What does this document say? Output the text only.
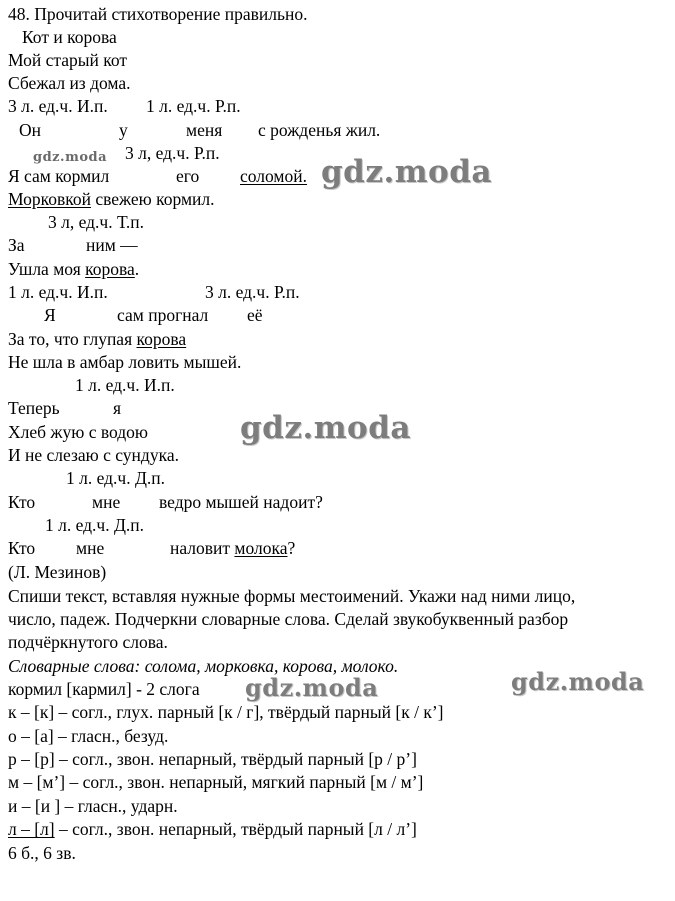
48. Прочитай стихотворение правильно.
Кот и корова
Мой старый кот
Сбежал из дома.
3 л. ед.ч. И.п. 1 л. ед.ч. Р.п.
Он	у	меня с рожденья жил.
3 л, ед.ч. Р.п.
Я сам кормил	его соломой.
Морковкой свежею кормил.
3 л, ед.ч. Т.п.
За	ним —
Ушла моя корова.
1 л. ед.ч. И.п.	3 л. ед.ч. Р.п.
Я	сам прогнал её
За то, что глупая корова
Не шла в амбар ловить мышей.
1 л. ед.ч. И.п.
Теперь	я
Хлеб жую с водою
И не слезаю с сундука.
1 л. ед.ч. Д.п.
Кто	мне ведро мышей надоит?
1 л. ед.ч. Д.п.
Кто мне	наловит молока?
(Л. Мезинов)
Спиши текст, вставляя нужные формы местоимений. Укажи над ними лицо,
число, падеж. Подчеркни словарные слова. Сделай звукобуквенный разбор
подчёркнутого слова.
Словарные слова: солома, морковка, корова, молоко.
кормил [кармил] - 2 слога
к – [к] – согл., глух. парный [к / г], твёрдый парный [к / к’]
о – [а] – гласн., безуд.
р – [р] – согл., звон. непарный, твёрдый парный [р / р’]
м – [м’] – согл., звон. непарный, мягкий парный [м / м’]
и – [и ] – гласн., ударн.
л – [л] – согл., звон. непарный, твёрдый парный [л / л’]
6 б., 6 зв.
gdz.moda	gdz.moda
gdz.moda
gdz.moda	gdz.moda
